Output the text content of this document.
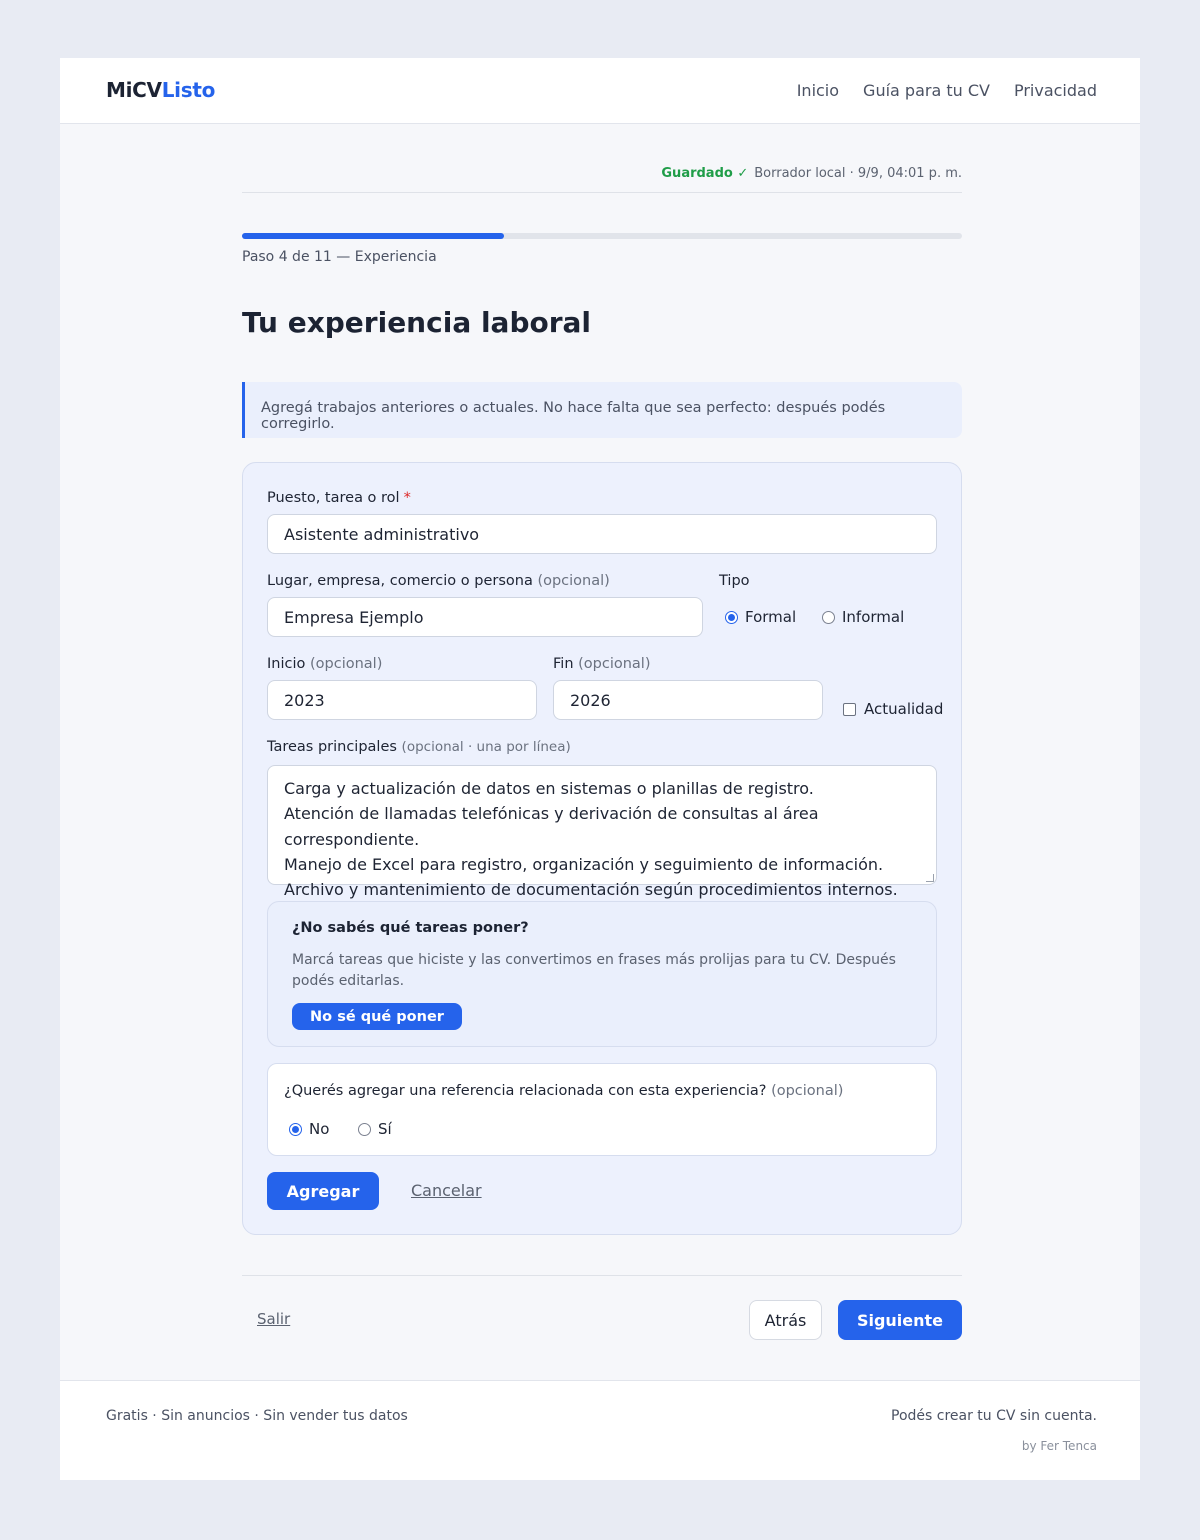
MiCVListo	Inicio Guía para tu CV Privacidad
Guardado ✓ Borrador local · 9/9, 04:01 p. m.
Paso 4 de 11 — Experiencia
Tu experiencia laboral
Agregá trabajos anteriores o actuales. No hace falta que sea perfecto: después podés corregirlo.
Puesto, tarea o rol *
Asistente administrativo
Lugar, empresa, comercio o persona (opcional)
Empresa Ejemplo	Tipo
Formal	Informal
Inicio (opcional)
2023	Fin (opcional)
2026
Actualidad
Tareas principales (opcional · una por línea)
Carga y actualización de datos en sistemas o planillas de registro.
Atención de llamadas telefónicas y derivación de consultas al área correspondiente.
Manejo de Excel para registro, organización y seguimiento de información.
Archivo y mantenimiento de documentación según procedimientos internos.
¿No sabés qué tareas poner?

Marcá tareas que hiciste y las convertimos en frases más prolijas para tu CV. Después podés editarlas.

No sé qué poner
¿Querés agregar una referencia relacionada con esta experiencia? (opcional)
No	Sí
Agregar	Cancelar
Salir	Atrás	Siguiente
Gratis · Sin anuncios · Sin vender tus datos	Podés crear tu CV sin cuenta.
by Fer Tenca
